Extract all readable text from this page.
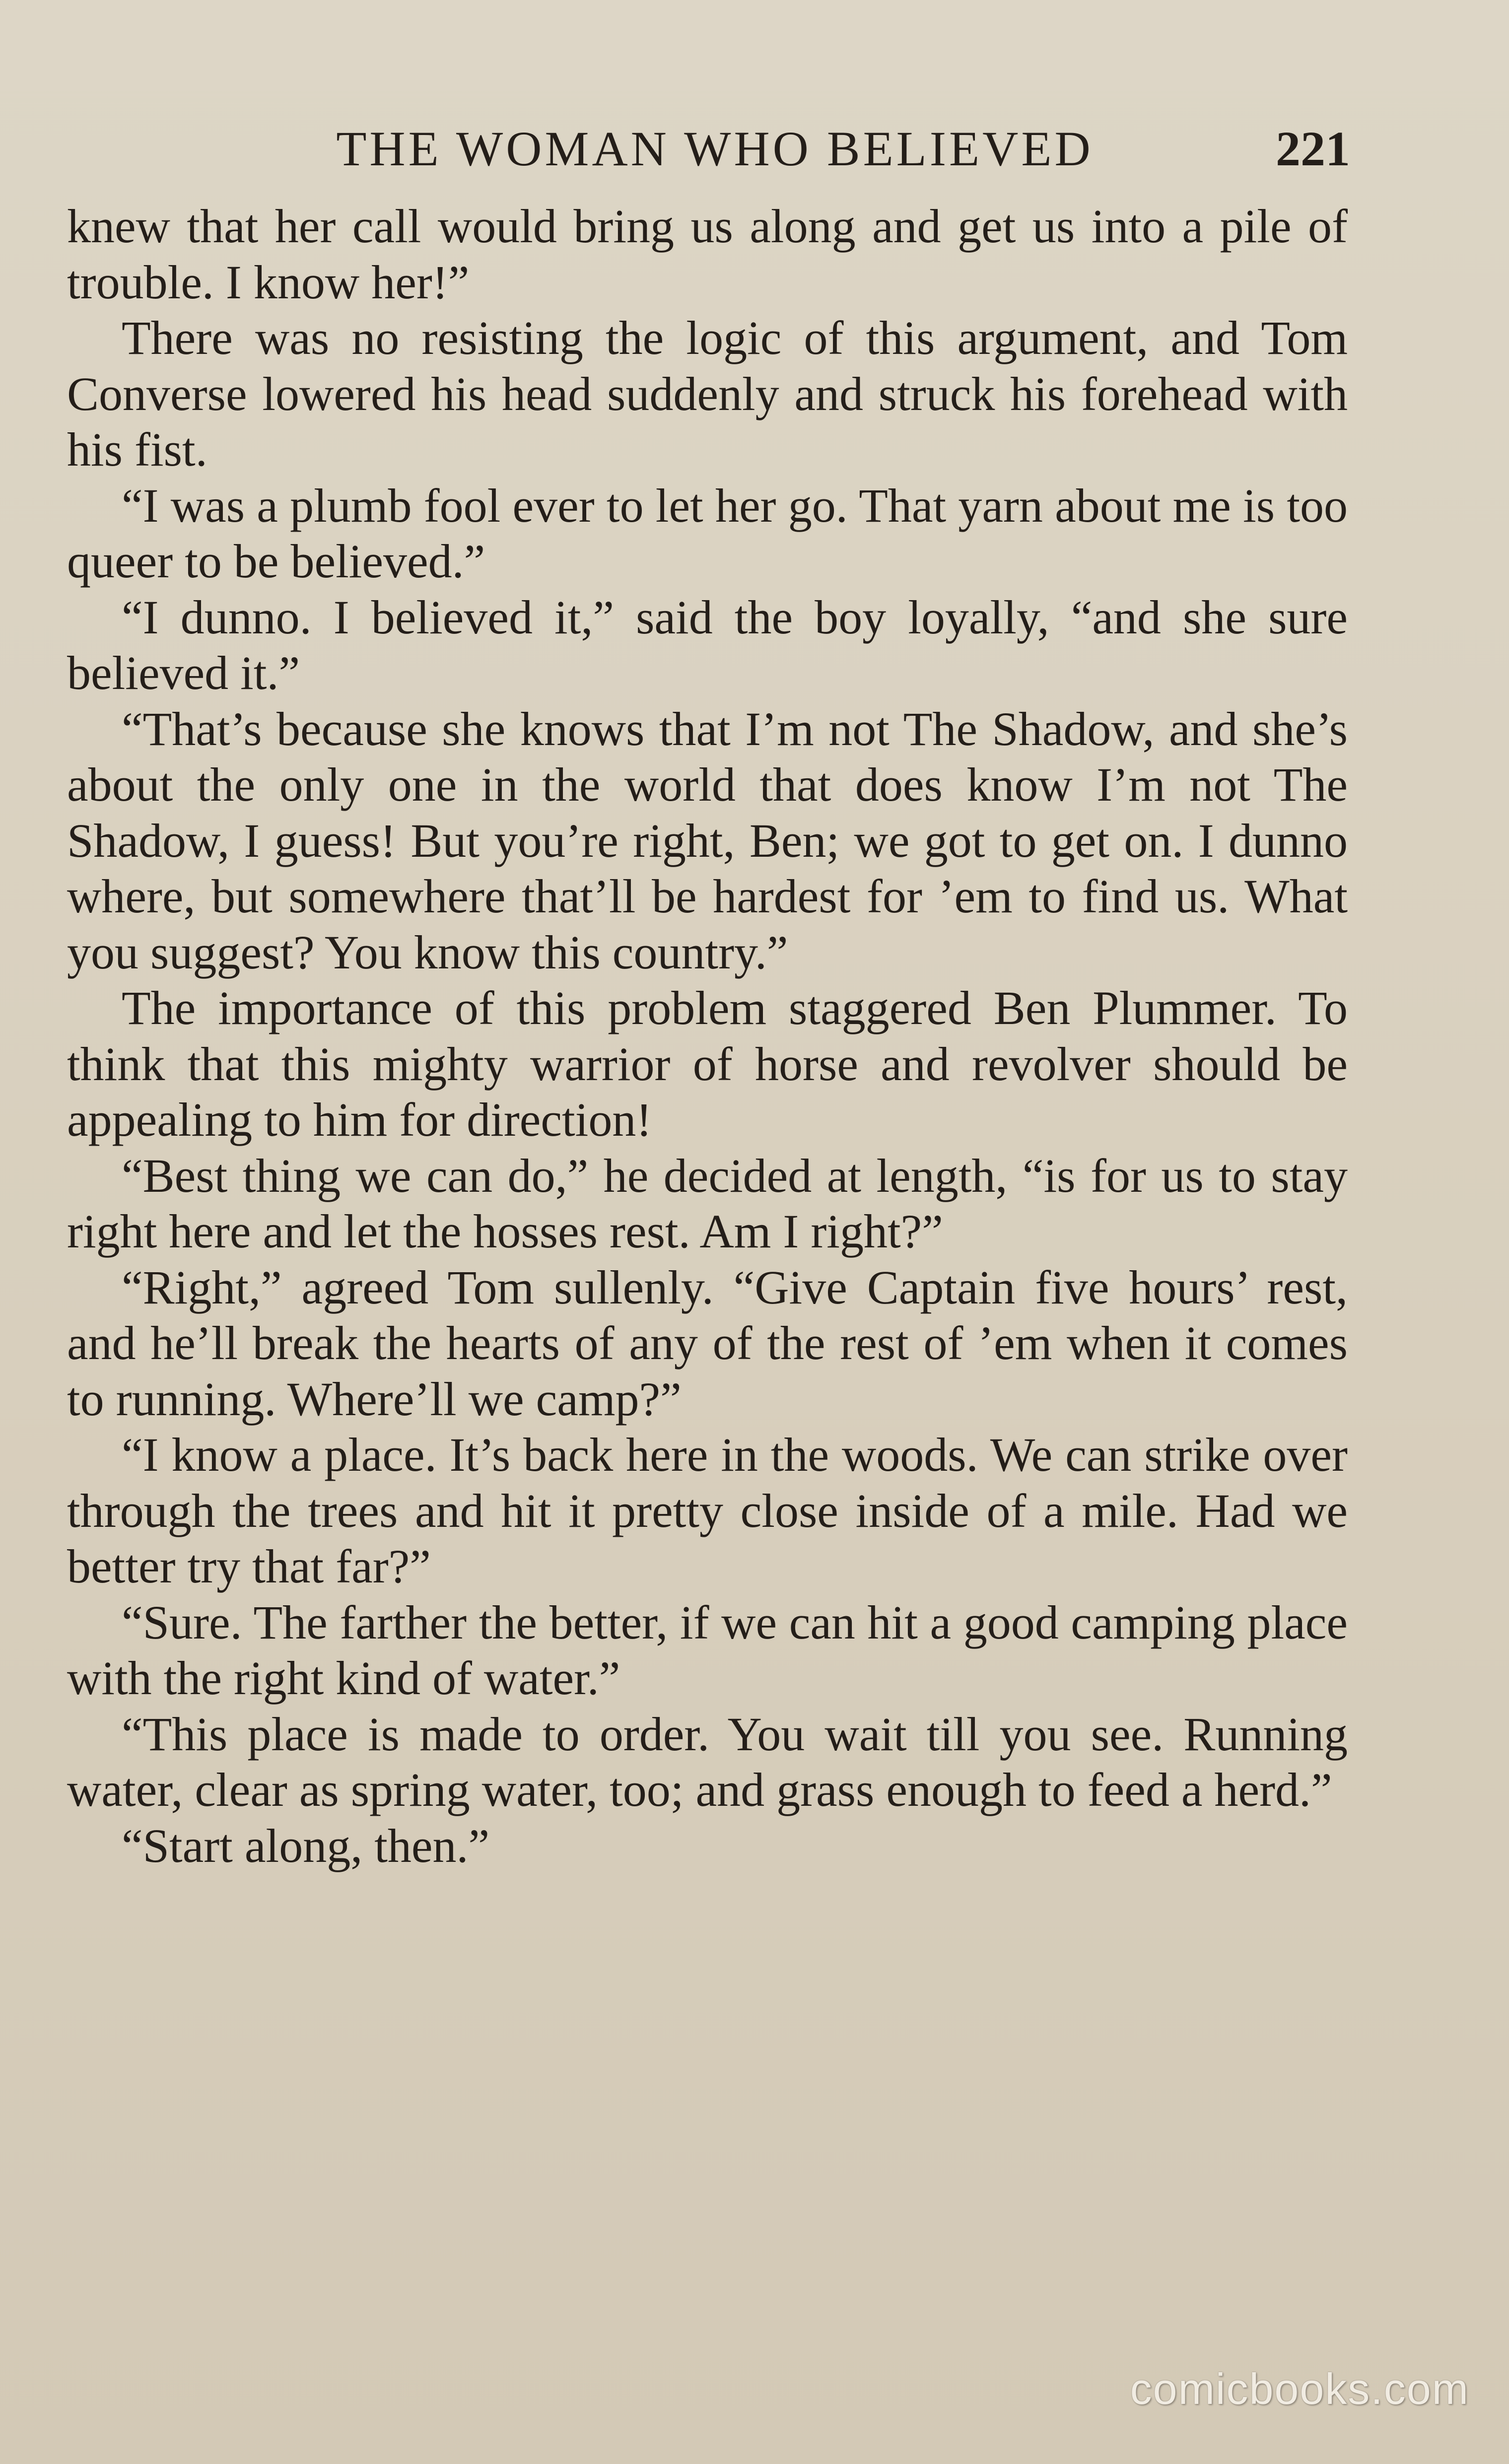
THE WOMAN WHO BELIEVED	221

knew that her call would bring us along and get us into a pile of trouble. I know her!”

There was no resisting the logic of this argument, and Tom Converse lowered his head suddenly and struck his forehead with his fist.

“I was a plumb fool ever to let her go. That yarn about me is too queer to be believed.”

“I dunno. I believed it,” said the boy loyally, “and she sure believed it.”

“That’s because she knows that I’m not The Shadow, and she’s about the only one in the world that does know I’m not The Shadow, I guess! But you’re right, Ben; we got to get on. I dunno where, but somewhere that’ll be hardest for ’em to find us. What you suggest? You know this country.”

The importance of this problem staggered Ben Plummer. To think that this mighty warrior of horse and revolver should be appealing to him for direction!

“Best thing we can do,” he decided at length, “is for us to stay right here and let the hosses rest. Am I right?”

“Right,” agreed Tom sullenly. “Give Captain five hours’ rest, and he’ll break the hearts of any of the rest of ’em when it comes to running. Where’ll we camp?”

“I know a place. It’s back here in the woods. We can strike over through the trees and hit it pretty close inside of a mile. Had we better try that far?”

“Sure. The farther the better, if we can hit a good camping place with the right kind of water.”

“This place is made to order. You wait till you see. Running water, clear as spring water, too; and grass enough to feed a herd.”

“Start along, then.”

comicbooks.com
